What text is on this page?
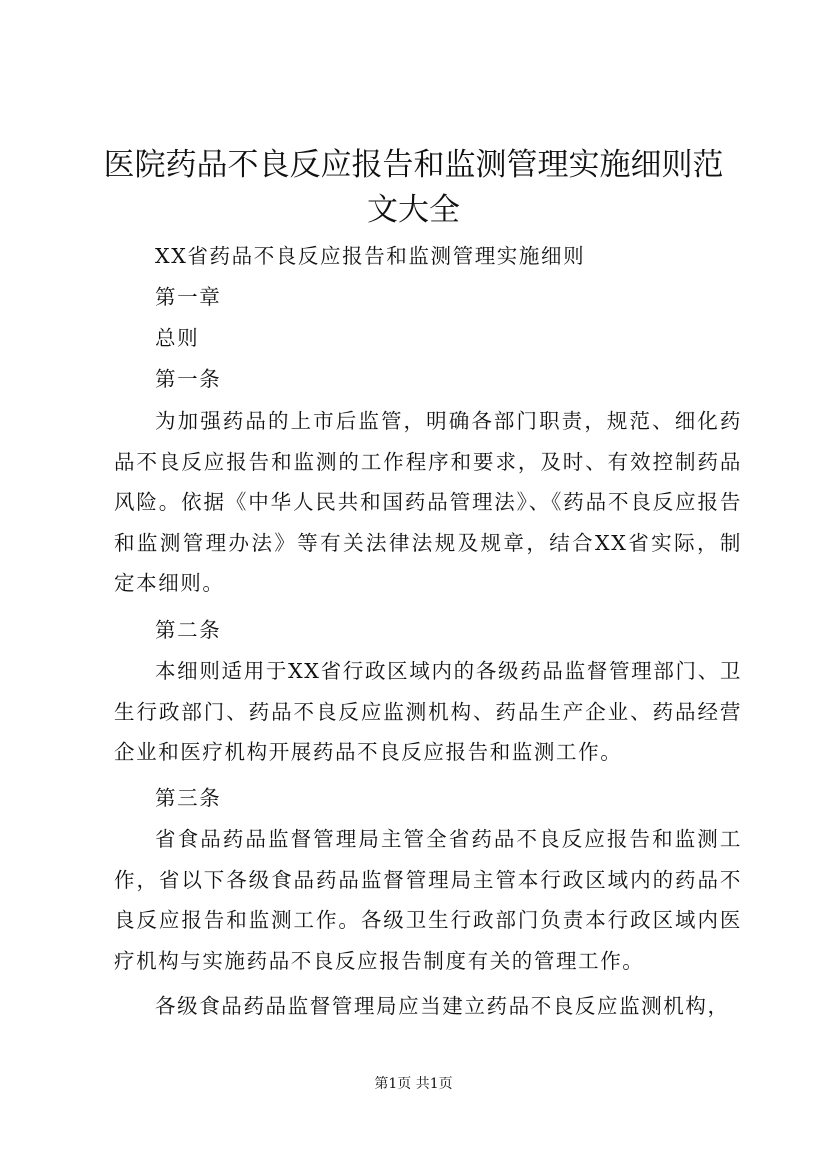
医院药品不良反应报告和监测管理实施细则范文大全

XX省药品不良反应报告和监测管理实施细则

第一章

总则

第一条

为加强药品的上市后监管，明确各部门职责，规范、细化药品不良反应报告和监测的工作程序和要求，及时、有效控制药品风险。依据《中华人民共和国药品管理法》、《药品不良反应报告和监测管理办法》等有关法律法规及规章，结合XX省实际，制定本细则。

第二条

本细则适用于XX省行政区域内的各级药品监督管理部门、卫生行政部门、药品不良反应监测机构、药品生产企业、药品经营企业和医疗机构开展药品不良反应报告和监测工作。

第三条

省食品药品监督管理局主管全省药品不良反应报告和监测工作，省以下各级食品药品监督管理局主管本行政区域内的药品不良反应报告和监测工作。各级卫生行政部门负责本行政区域内医疗机构与实施药品不良反应报告制度有关的管理工作。

各级食品药品监督管理局应当建立药品不良反应监测机构，

第1页 共1页
